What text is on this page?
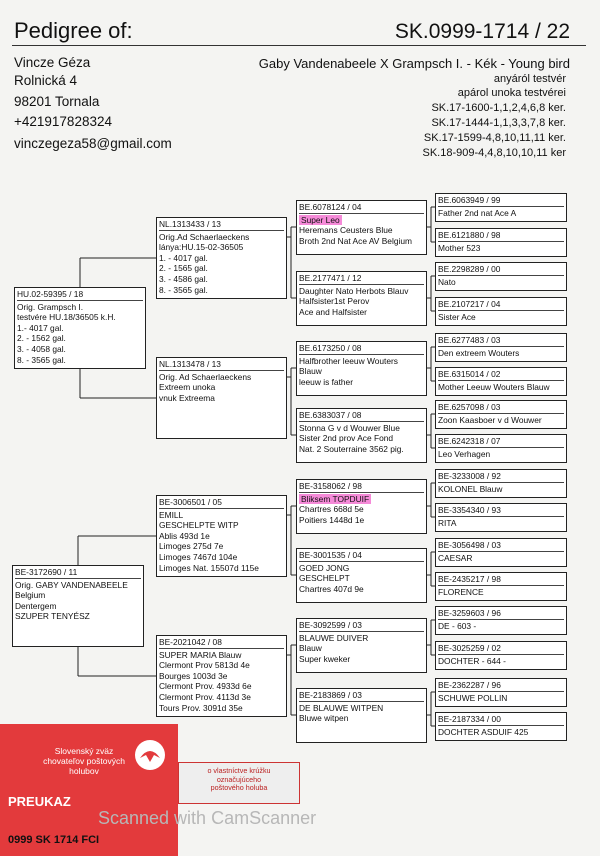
Pedigree of:	SK.0999-1714 / 22
Vincze Géza
Rolnická 4
98201 Tornala
+421917828324
vinczegeza58@gmail.com
Gaby Vandenabeele X Grampsch I. - Kék - Young bird
anyáról testvér
apárol unoka testvérei
SK.17-1600-1,1,2,4,6,8 ker.
SK.17-1444-1,1,3,3,7,8 ker.
SK.17-1599-4,8,10,11,11 ker.
SK.18-909-4,4,8,10,10,11 ker
HU.02-59395 / 18
Orig. Grampsch I.
testvére HU.18/36505 k.H.
1.- 4017 gal.
2. - 1562 gal.
3. - 4058 gal.
8. - 3565 gal.
BE-3172690 / 11
Orig. GABY VANDENABEELE
Belgium
Dentergem
SZUPER TENYÉSZ
NL.1313433 / 13
Orig.Ad Schaerlaeckens
lánya:HU.15-02-36505
1. - 4017 gal.
2. - 1565 gal.
3. - 4586 gal.
8. - 3565 gal.
NL.1313478 / 13
Orig. Ad Schaerlaeckens
Extreem unoka
vnuk Extreema
BE-3006501 / 05
EMILL
GESCHELPTE WITP
Ablis 493d 1e
Limoges 275d 7e
Limoges 7467d 104e
Limoges Nat. 15507d 115e
BE-2021042 / 08
SUPER MARIA Blauw
Clermont Prov 5813d 4e
Bourges 1003d 3e
Clermont Prov. 4933d 6e
Clermont Prov. 4113d 3e
Tours Prov. 3091d 35e
BE.6078124 / 04
Super Leo
Heremans Ceusters Blue
Broth 2nd Nat Ace AV Belgium
BE.2177471 / 12
Daughter Nato Herbots Blauv
Halfsister1st Perov
Ace and Halfsister
BE.6173250 / 08
Halfbrother leeuw Wouters
Blauw
leeuw is father
BE.6383037 / 08
Stonna G v d Wouwer Blue
Sister 2nd prov Ace Fond
Nat. 2 Souterraine 3562 pig.
BE-3158062 / 98
Bliksem TOPDUIF
Chartres 668d 5e
Poitiers 1448d 1e
BE-3001535 / 04
GOED JONG
GESCHELPT
Chartres 407d 9e
BE-3092599 / 03
BLAUWE DUIVER
Blauw
Super kweker
BE-2183869 / 03
DE BLAUWE WITPEN
Bluwe witpen
BE.6063949 / 99
Father 2nd nat Ace A
BE.6121880 / 98
Mother 523
BE.2298289 / 00
Nato
BE.2107217 / 04
Sister Ace
BE.6277483 / 03
Den extreem Wouters
BE.6315014 / 02
Mother Leeuw Wouters Blauw
BE.6257098 / 03
Zoon Kaasboer v d Wouwer
BE.6242318 / 07
Leo Verhagen
BE-3233008 / 92
KOLONEL Blauw
BE-3354340 / 93
RITA
BE-3056498 / 03
CAESAR
BE-2435217 / 98
FLORENCE
BE-3259603 / 96
DE - 603 -
BE-3025259 / 02
DOCHTER - 644 -
BE-2362287 / 96
SCHUWE POLLIN
BE-2187334 / 00
DOCHTER ASDUIF 425
Slovenský zväz
chovateľov poštových holubov
PREUKAZ
0999 SK 1714 FCI
o vlastníctve krúžku
označujúceho
poštového holuba
Scanned with CamScanner
